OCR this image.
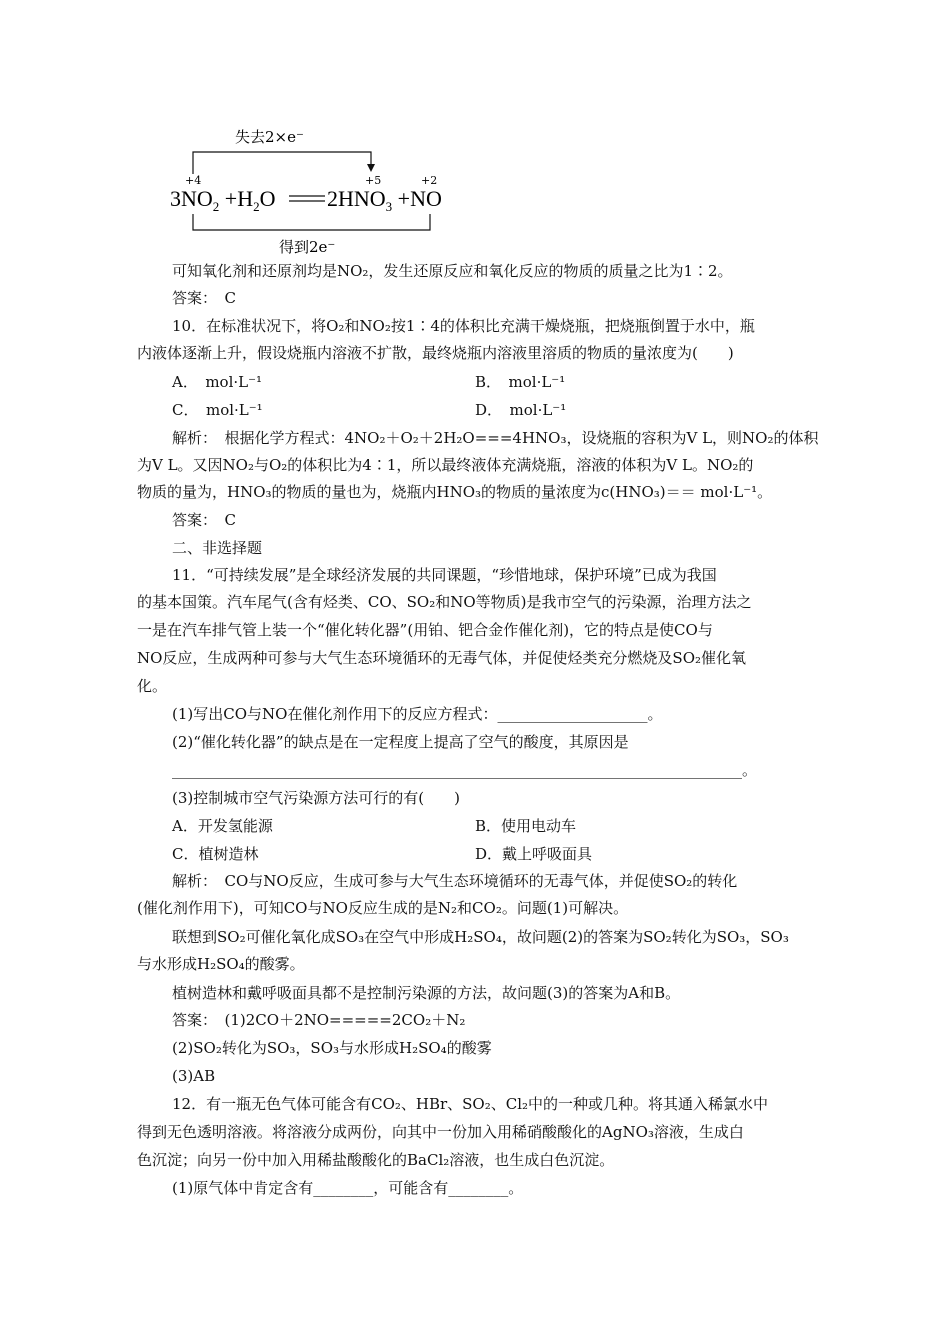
失去2×e⁻
+4	+5	+2
$3NO_2 +H_2O$ $2HNO_3 +NO$
得到2e⁻
可知氧化剂和还原剂均是NO₂，发生还原反应和氧化反应的物质的质量之比为1∶2。
答案：　C
10．在标准状况下，将O₂和NO₂按1∶4的体积比充满干燥烧瓶，把烧瓶倒置于水中，瓶
内液体逐渐上升，假设烧瓶内溶液不扩散，最终烧瓶内溶液里溶质的物质的量浓度为(　　)
A．　mol·L⁻¹	B．　mol·L⁻¹
C．　mol·L⁻¹	D．　mol·L⁻¹
解析：　根据化学方程式：4NO₂＋O₂＋2H₂O===4HNO₃，设烧瓶的容积为V L，则NO₂的体积
为V L。又因NO₂与O₂的体积比为4∶1，所以最终液体充满烧瓶，溶液的体积为V L。NO₂的
物质的量为，HNO₃的物质的量也为，烧瓶内HNO₃的物质的量浓度为c(HNO₃)＝＝ mol·L⁻¹。
答案：　C
二、非选择题
11．“可持续发展”是全球经济发展的共同课题，“珍惜地球，保护环境”已成为我国
的基本国策。汽车尾气(含有烃类、CO、SO₂和NO等物质)是我市空气的污染源，治理方法之
一是在汽车排气管上装一个“催化转化器”(用铂、钯合金作催化剂)，它的特点是使CO与
NO反应，生成两种可参与大气生态环境循环的无毒气体，并促使烃类充分燃烧及SO₂催化氧
化。
(1)写出CO与NO在催化剂作用下的反应方程式：____________________。
(2)“催化转化器”的缺点是在一定程度上提高了空气的酸度，其原因是
____________________________________________________________________________。
(3)控制城市空气污染源方法可行的有(　　)
A．开发氢能源	B．使用电动车
C．植树造林	D．戴上呼吸面具
解析：　CO与NO反应，生成可参与大气生态环境循环的无毒气体，并促使SO₂的转化
(催化剂作用下)，可知CO与NO反应生成的是N₂和CO₂。问题(1)可解决。
联想到SO₂可催化氧化成SO₃在空气中形成H₂SO₄，故问题(2)的答案为SO₂转化为SO₃，SO₃
与水形成H₂SO₄的酸雾。
植树造林和戴呼吸面具都不是控制污染源的方法，故问题(3)的答案为A和B。
答案：　(1)2CO＋2NO=====2CO₂＋N₂
(2)SO₂转化为SO₃，SO₃与水形成H₂SO₄的酸雾
(3)AB
12．有一瓶无色气体可能含有CO₂、HBr、SO₂、Cl₂中的一种或几种。将其通入稀氯水中
得到无色透明溶液。将溶液分成两份，向其中一份加入用稀硝酸酸化的AgNO₃溶液，生成白
色沉淀；向另一份中加入用稀盐酸酸化的BaCl₂溶液，也生成白色沉淀。
(1)原气体中肯定含有________，可能含有________。
